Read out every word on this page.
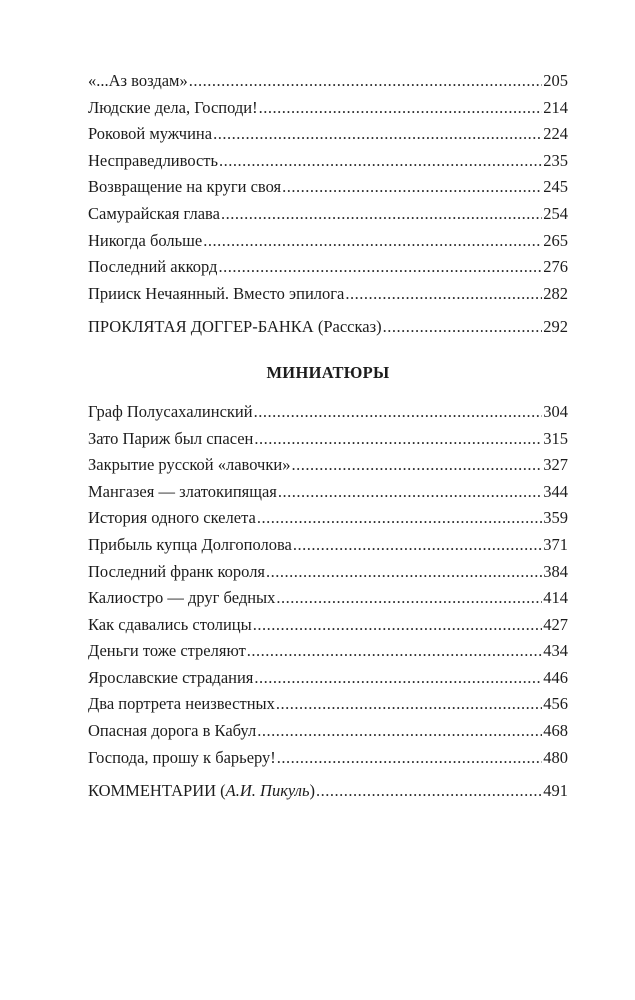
«...Аз воздам» .....	205
Людские дела, Господи! .....	214
Роковой мужчина .....	224
Несправедливость .....	235
Возвращение на круги своя .....	245
Самурайская глава .....	254
Никогда больше .....	265
Последний аккорд .....	276
Прииск Нечаянный. Вместо эпилога .....	282
ПРОКЛЯТАЯ ДОГГЕР-БАНКА (Рассказ) .....	292
МИНИАТЮРЫ
Граф Полусахалинский .....	304
Зато Париж был спасен .....	315
Закрытие русской «лавочки» .....	327
Мангазея — златокипящая .....	344
История одного скелета .....	359
Прибыль купца Долгополова .....	371
Последний франк короля .....	384
Калиостро — друг бедных .....	414
Как сдавались столицы .....	427
Деньги тоже стреляют .....	434
Ярославские страдания .....	446
Два портрета неизвестных .....	456
Опасная дорога в Кабул .....	468
Господа, прошу к барьеру! .....	480
КОММЕНТАРИИ (А.И. Пикуль) .....	491
